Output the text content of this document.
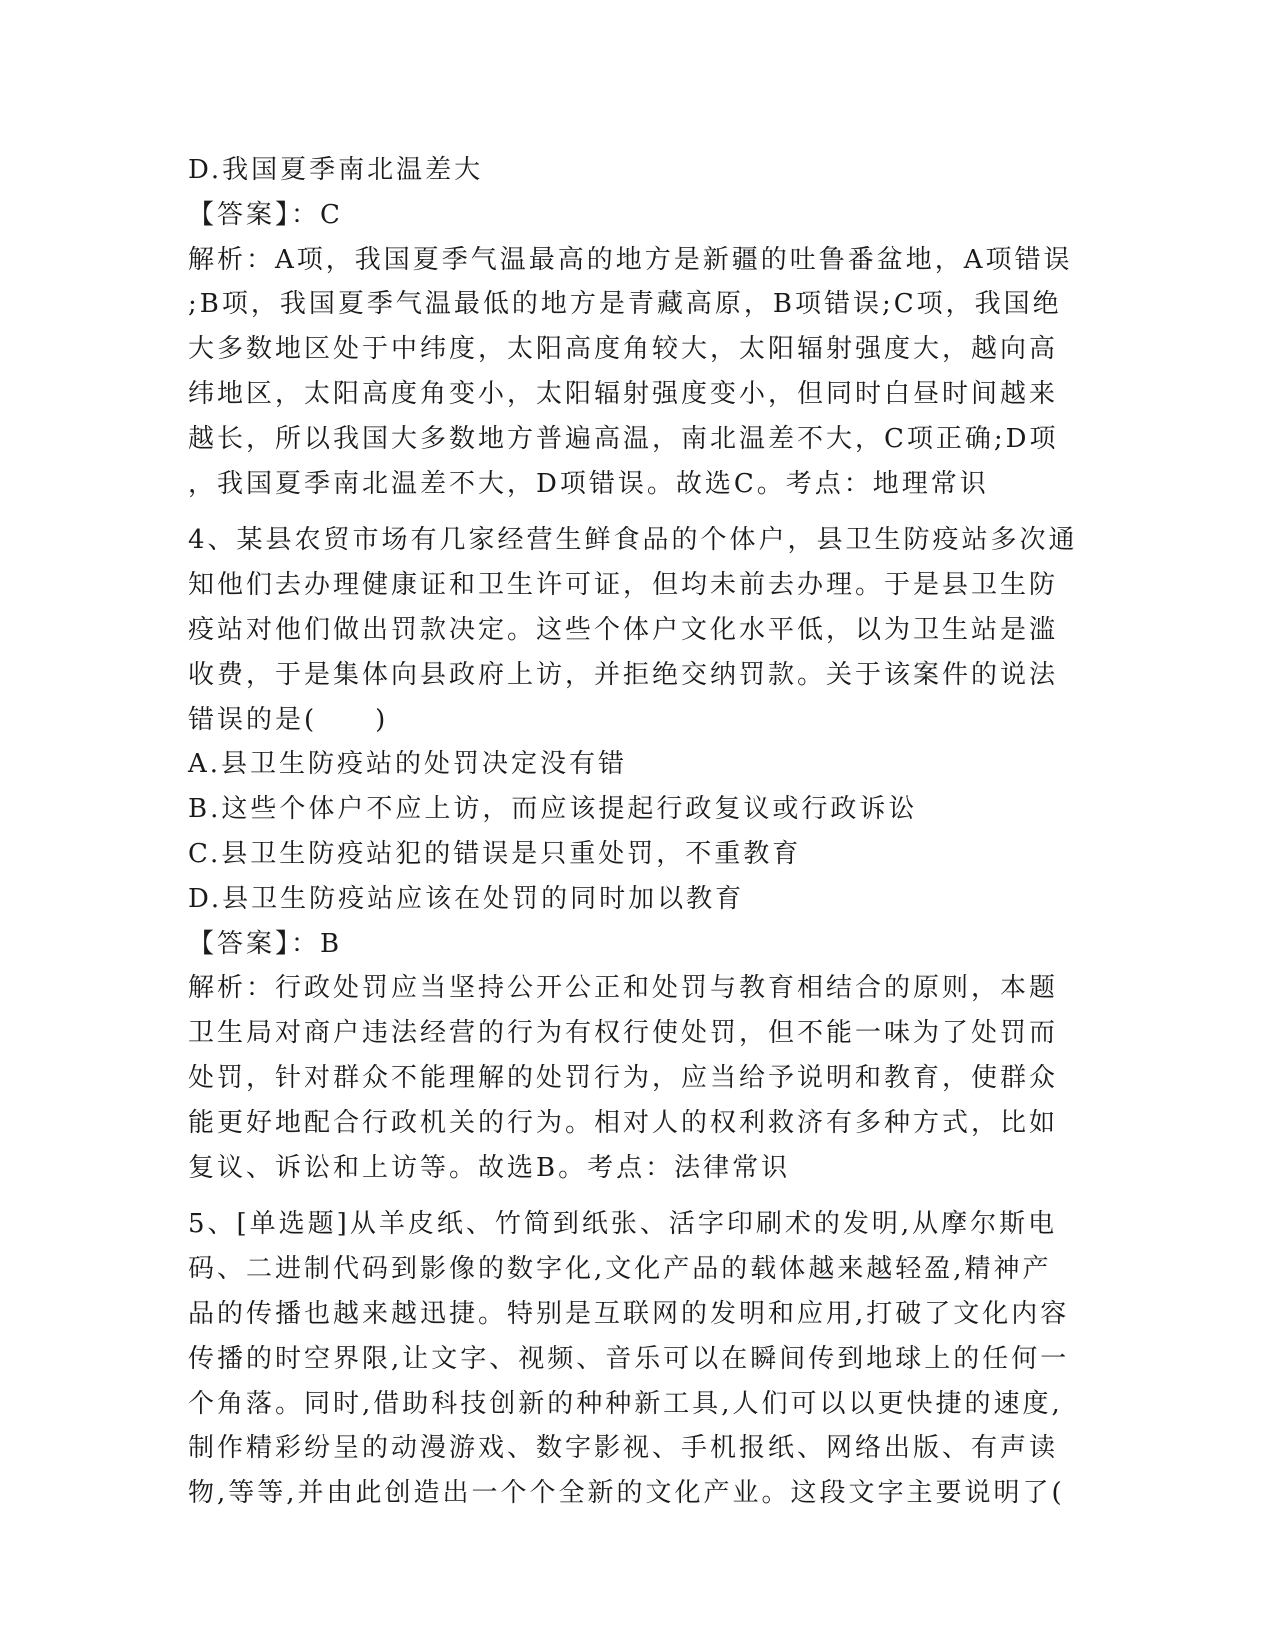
D.我国夏季南北温差大
【答案】：C
解析：A项，我国夏季气温最高的地方是新疆的吐鲁番盆地，A项错误
;B项，我国夏季气温最低的地方是青藏高原，B项错误;C项，我国绝
大多数地区处于中纬度，太阳高度角较大，太阳辐射强度大，越向高
纬地区，太阳高度角变小，太阳辐射强度变小，但同时白昼时间越来
越长，所以我国大多数地方普遍高温，南北温差不大，C项正确;D项
，我国夏季南北温差不大，D项错误。故选C。考点：地理常识
4、某县农贸市场有几家经营生鲜食品的个体户，县卫生防疫站多次通
知他们去办理健康证和卫生许可证，但均未前去办理。于是县卫生防
疫站对他们做出罚款决定。这些个体户文化水平低，以为卫生站是滥
收费，于是集体向县政府上访，并拒绝交纳罚款。关于该案件的说法
错误的是(　　)
A.县卫生防疫站的处罚决定没有错
B.这些个体户不应上访，而应该提起行政复议或行政诉讼
C.县卫生防疫站犯的错误是只重处罚，不重教育
D.县卫生防疫站应该在处罚的同时加以教育
【答案】：B
解析：行政处罚应当坚持公开公正和处罚与教育相结合的原则，本题
卫生局对商户违法经营的行为有权行使处罚，但不能一味为了处罚而
处罚，针对群众不能理解的处罚行为，应当给予说明和教育，使群众
能更好地配合行政机关的行为。相对人的权利救济有多种方式，比如
复议、诉讼和上访等。故选B。考点：法律常识
5、[单选题]从羊皮纸、竹简到纸张、活字印刷术的发明,从摩尔斯电
码、二进制代码到影像的数字化,文化产品的载体越来越轻盈,精神产
品的传播也越来越迅捷。特别是互联网的发明和应用,打破了文化内容
传播的时空界限,让文字、视频、音乐可以在瞬间传到地球上的任何一
个角落。同时,借助科技创新的种种新工具,人们可以以更快捷的速度,
制作精彩纷呈的动漫游戏、数字影视、手机报纸、网络出版、有声读
物,等等,并由此创造出一个个全新的文化产业。这段文字主要说明了(
